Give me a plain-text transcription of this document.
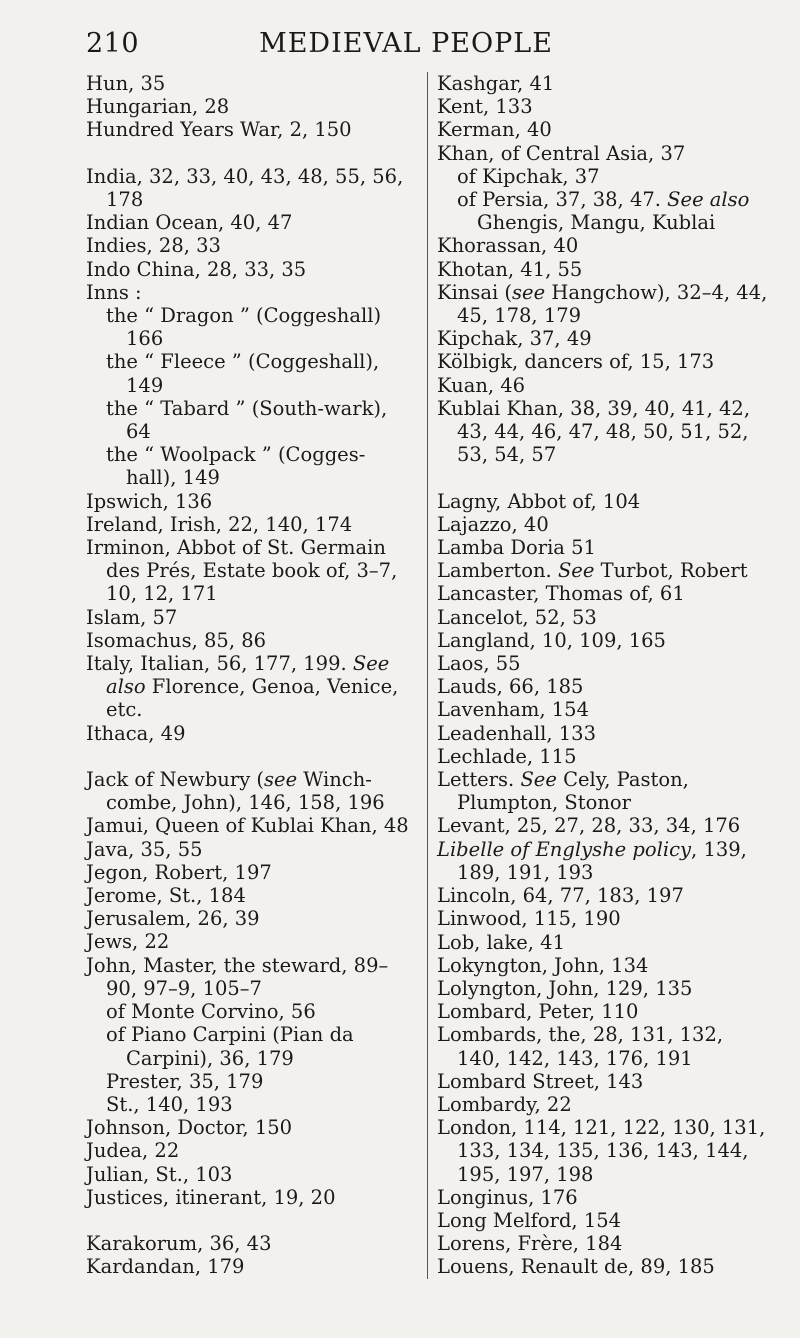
210	MEDIEVAL PEOPLE
Hun, 35
Hungarian, 28
Hundred Years War, 2, 150
India, 32, 33, 40, 43, 48, 55, 56, 178
Indian Ocean, 40, 47
Indies, 28, 33
Indo China, 28, 33, 35
Inns :
the “ Dragon ” (Coggeshall) 166
the “ Fleece ” (Coggeshall), 149
the “ Tabard ” (South-wark), 64
the “ Woolpack ” (Cogges-hall), 149
Ipswich, 136
Ireland, Irish, 22, 140, 174
Irminon, Abbot of St. Germain des Prés, Estate book of, 3–7, 10, 12, 171
Islam, 57
Isomachus, 85, 86
Italy, Italian, 56, 177, 199. See also Florence, Genoa, Venice, etc.
Ithaca, 49
Jack of Newbury (see Winch-combe, John), 146, 158, 196
Jamui, Queen of Kublai Khan, 48
Java, 35, 55
Jegon, Robert, 197
Jerome, St., 184
Jerusalem, 26, 39
Jews, 22
John, Master, the steward, 89–90, 97–9, 105–7
of Monte Corvino, 56
of Piano Carpini (Pian da Carpini), 36, 179
Prester, 35, 179
St., 140, 193
Johnson, Doctor, 150
Judea, 22
Julian, St., 103
Justices, itinerant, 19, 20
Karakorum, 36, 43
Kardandan, 179
Kashgar, 41
Kent, 133
Kerman, 40
Khan, of Central Asia, 37
of Kipchak, 37
of Persia, 37, 38, 47. See also Ghengis, Mangu, Kublai
Khorassan, 40
Khotan, 41, 55
Kinsai (see Hangchow), 32–4, 44, 45, 178, 179
Kipchak, 37, 49
Kölbigk, dancers of, 15, 173
Kuan, 46
Kublai Khan, 38, 39, 40, 41, 42, 43, 44, 46, 47, 48, 50, 51, 52, 53, 54, 57
Lagny, Abbot of, 104
Lajazzo, 40
Lamba Doria 51
Lamberton. See Turbot, Robert
Lancaster, Thomas of, 61
Lancelot, 52, 53
Langland, 10, 109, 165
Laos, 55
Lauds, 66, 185
Lavenham, 154
Leadenhall, 133
Lechlade, 115
Letters. See Cely, Paston, Plumpton, Stonor
Levant, 25, 27, 28, 33, 34, 176
Libelle of Englyshe policy, 139, 189, 191, 193
Lincoln, 64, 77, 183, 197
Linwood, 115, 190
Lob, lake, 41
Lokyngton, John, 134
Lolyngton, John, 129, 135
Lombard, Peter, 110
Lombards, the, 28, 131, 132, 140, 142, 143, 176, 191
Lombard Street, 143
Lombardy, 22
London, 114, 121, 122, 130, 131, 133, 134, 135, 136, 143, 144, 195, 197, 198
Longinus, 176
Long Melford, 154
Lorens, Frère, 184
Louens, Renault de, 89, 185
